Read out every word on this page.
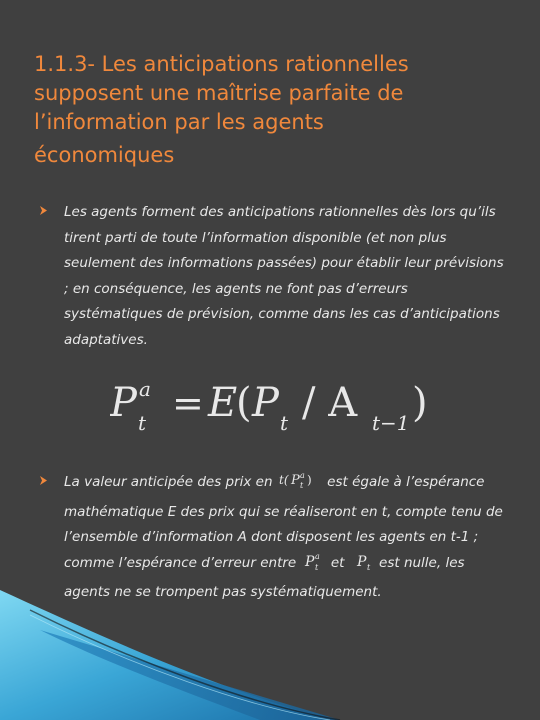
1.1.3- Les anticipations rationnelles
supposent une maîtrise parfaite de
l’information par les agents
économiques
Les agents forment des anticipations rationnelles dès lors qu’ils tirent parti de toute l’information disponible (et non plus seulement des informations passées) pour établir leur prévisions ; en conséquence, les agents ne font pas d’erreurs systématiques de prévision, comme dans les cas d’anticipations adaptatives.
P a
t = E
( P t / A t−1 )
La valeur anticipée des prix en t( P a
t ) est égale à l’espérance mathématique E des prix qui se réaliseront en t, compte tenu de l’ensemble d’information A dont disposent les agents en t-1 ; comme l’espérance d’erreur entre P a
t et P t est nulle, les agents ne se trompent pas systématiquement.
